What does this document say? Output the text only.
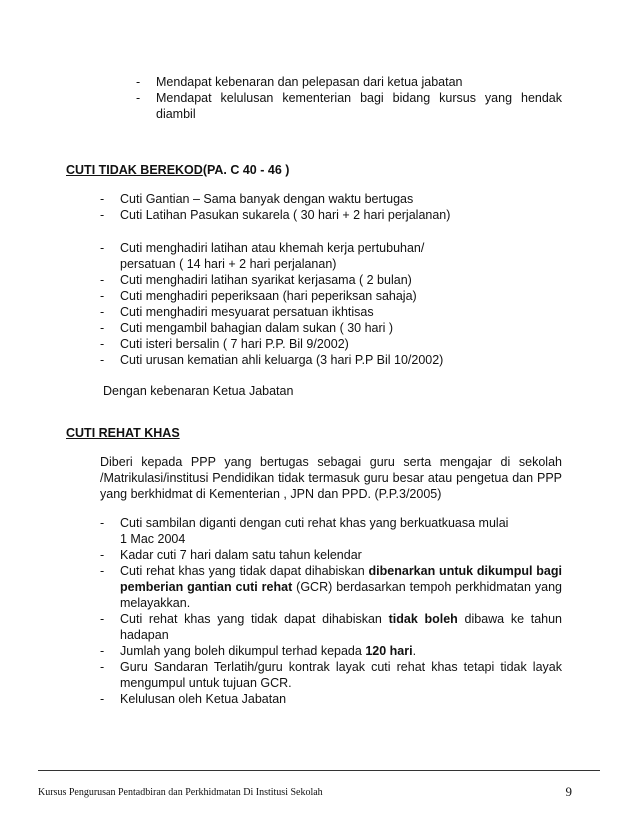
- Mendapat kebenaran dan pelepasan dari ketua jabatan
- Mendapat kelulusan kementerian bagi bidang kursus yang hendak diambil
CUTI TIDAK BEREKOD(PA. C 40 - 46 )
- Cuti Gantian – Sama banyak dengan waktu bertugas
- Cuti Latihan Pasukan sukarela ( 30 hari + 2 hari perjalanan)
- Cuti menghadiri latihan atau khemah kerja pertubuhan/ persatuan ( 14 hari + 2 hari perjalanan)
- Cuti menghadiri latihan syarikat kerjasama ( 2 bulan)
- Cuti menghadiri peperiksaan (hari peperiksan sahaja)
- Cuti menghadiri mesyuarat persatuan ikhtisas
- Cuti mengambil bahagian dalam sukan ( 30 hari )
- Cuti isteri bersalin ( 7 hari P.P. Bil 9/2002)
- Cuti urusan kematian ahli keluarga (3 hari P.P Bil 10/2002)
Dengan kebenaran Ketua Jabatan
CUTI REHAT KHAS
Diberi kepada PPP yang bertugas sebagai guru serta mengajar di sekolah /Matrikulasi/institusi Pendidikan tidak termasuk guru besar atau pengetua dan PPP yang berkhidmat di Kementerian , JPN dan PPD. (P.P.3/2005)
- Cuti sambilan diganti dengan cuti rehat khas yang berkuatkuasa mulai
1 Mac 2004
- Kadar cuti 7 hari dalam satu tahun kelendar
- Cuti rehat khas yang tidak dapat dihabiskan dibenarkan untuk dikumpul bagi pemberian gantian cuti rehat (GCR) berdasarkan tempoh perkhidmatan yang melayakkan.
- Cuti rehat khas yang tidak dapat dihabiskan tidak boleh dibawa ke tahun hadapan
- Jumlah yang boleh dikumpul terhad kepada 120 hari.
- Guru Sandaran Terlatih/guru kontrak layak cuti rehat khas tetapi tidak layak mengumpul untuk tujuan GCR.
- Kelulusan oleh Ketua Jabatan
Kursus Pengurusan Pentadbiran dan Perkhidmatan Di Institusi Sekolah	9
